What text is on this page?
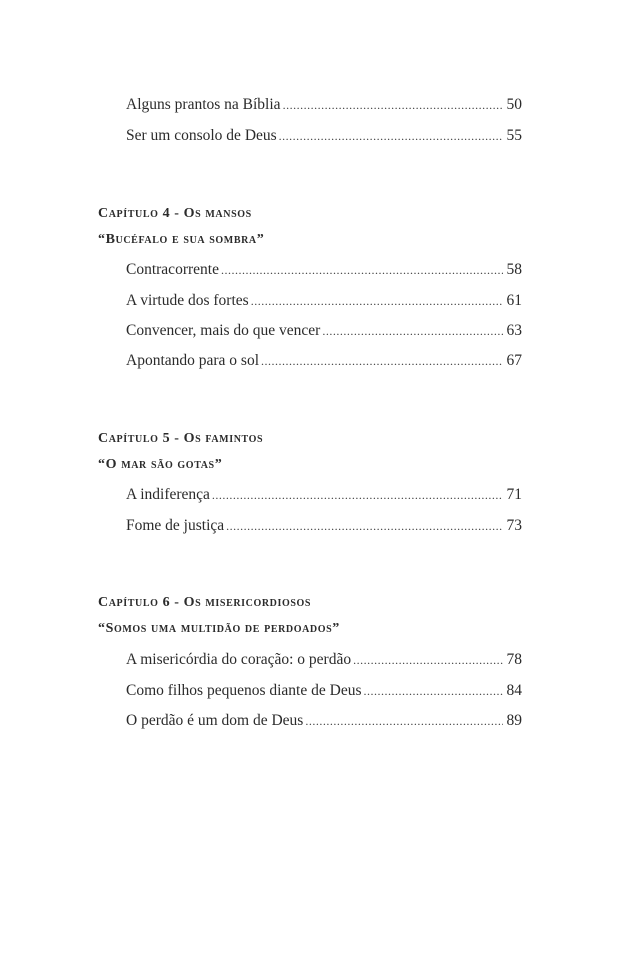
Alguns prantos na Bíblia .....	50
Ser um consolo de Deus .....	55
Capítulo 4 - Os mansos
“Bucéfalo e sua sombra”
Contracorrente .....	58
A virtude dos fortes .....	61
Convencer, mais do que vencer .....	63
Apontando para o sol .....	67
Capítulo 5 - Os famintos
“O mar são gotas”
A indiferença .....	71
Fome de justiça .....	73
Capítulo 6 - Os misericordiosos
“Somos uma multidão de perdoados”
A misericórdia do coração: o perdão .....	78
Como filhos pequenos diante de Deus .....	84
O perdão é um dom de Deus .....	89
